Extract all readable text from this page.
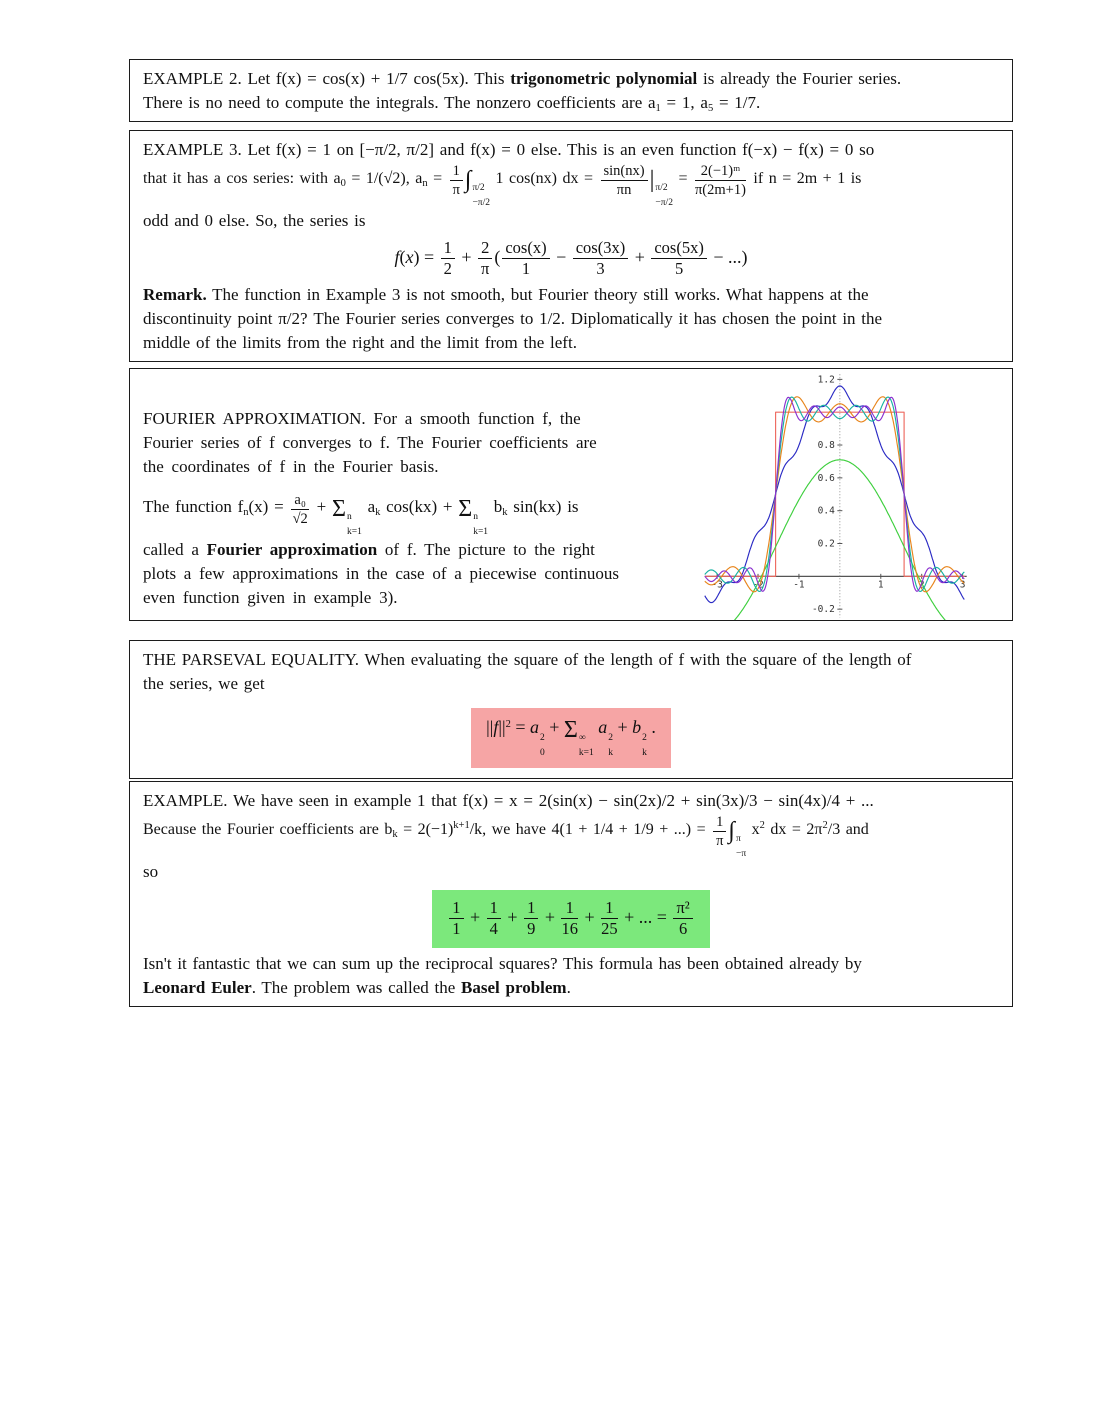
EXAMPLE 2. Let f(x) = cos(x) + 1/7 cos(5x). This trigonometric polynomial is already the Fourier series.
There is no need to compute the integrals. The nonzero coefficients are $a_1 = 1$, $a_5 = 1/7$.
EXAMPLE 3. Let f(x) = 1 on [−π/2, π/2] and f(x) = 0 else. This is an even function f(−x) − f(x) = 0 so
that it has a cos series: with $a_0 = 1/(√2)$, $a_n = \frac{1}{\pi}$ ∫ π/2
−π/2
1 cos(nx) dx = $\frac{\sin(nx)}{\pi n}$ | π/2
−π/2
= $\frac{\text{2(−1)ᵐ}}{\pi(2m+1)}$ if n = 2m + 1 is
odd and 0 else. So, the series is
$f(x) = \frac{1}{2} + \frac{2}{\pi}$ ( $\frac{\cos(x)}{1} - \frac{\cos(3x)}{3} + \frac{\cos(5x)}{5}$ − ...)
Remark. The function in Example 3 is not smooth, but Fourier theory still works. What happens at the
discontinuity point π/2? The Fourier series converges to 1/2. Diplomatically it has chosen the point in the
middle of the limits from the right and the limit from the left.
FOURIER APPROXIMATION. For a smooth function f, the
Fourier series of f converges to f. The Fourier coefficients are
the coordinates of f in the Fourier basis.
The function $f_n(x) = \frac{\text{a₀}}{√2} + \Sigma$ n
k=1
$a_k$ cos(kx) + Σ n
k=1
$b_k$ sin(kx) is
called a Fourier approximation of f. The picture to the right
plots a few approximations in the case of a piecewise continuous
even function given in example 3).
-3	-2	-1	1	2	3
-0.2
0.2
0.4
0.6
0.8
1.2
THE PARSEVAL EQUALITY. When evaluating the square of the length of f with the square of the length of
the series, we get
$||f||^2 = a$
2
0
+ Σ ∞
k=1
a
2
k
+ b
2
k
.
EXAMPLE. We have seen in example 1 that f(x) = x = 2(sin(x) − sin(2x)/2 + sin(3x)/3 − sin(4x)/4 + ...
Because the Fourier coefficients are $b_k = 2(-1)^{k+1}/k$, we have 4(1 + 1/4 + 1/9 + ...) = $\frac{1}{\pi}$ ∫ π
−π
$x^2$ dx = $2\pi^2/3$ and
so
$\frac{1}{1} + \frac{1}{4} + \frac{1}{9} + \frac{1}{16} + \frac{1}{25}$ + ... = $\frac{\text{π²}}{6}$
Isn't it fantastic that we can sum up the reciprocal squares? This formula has been obtained already by
Leonard Euler. The problem was called the Basel problem.
